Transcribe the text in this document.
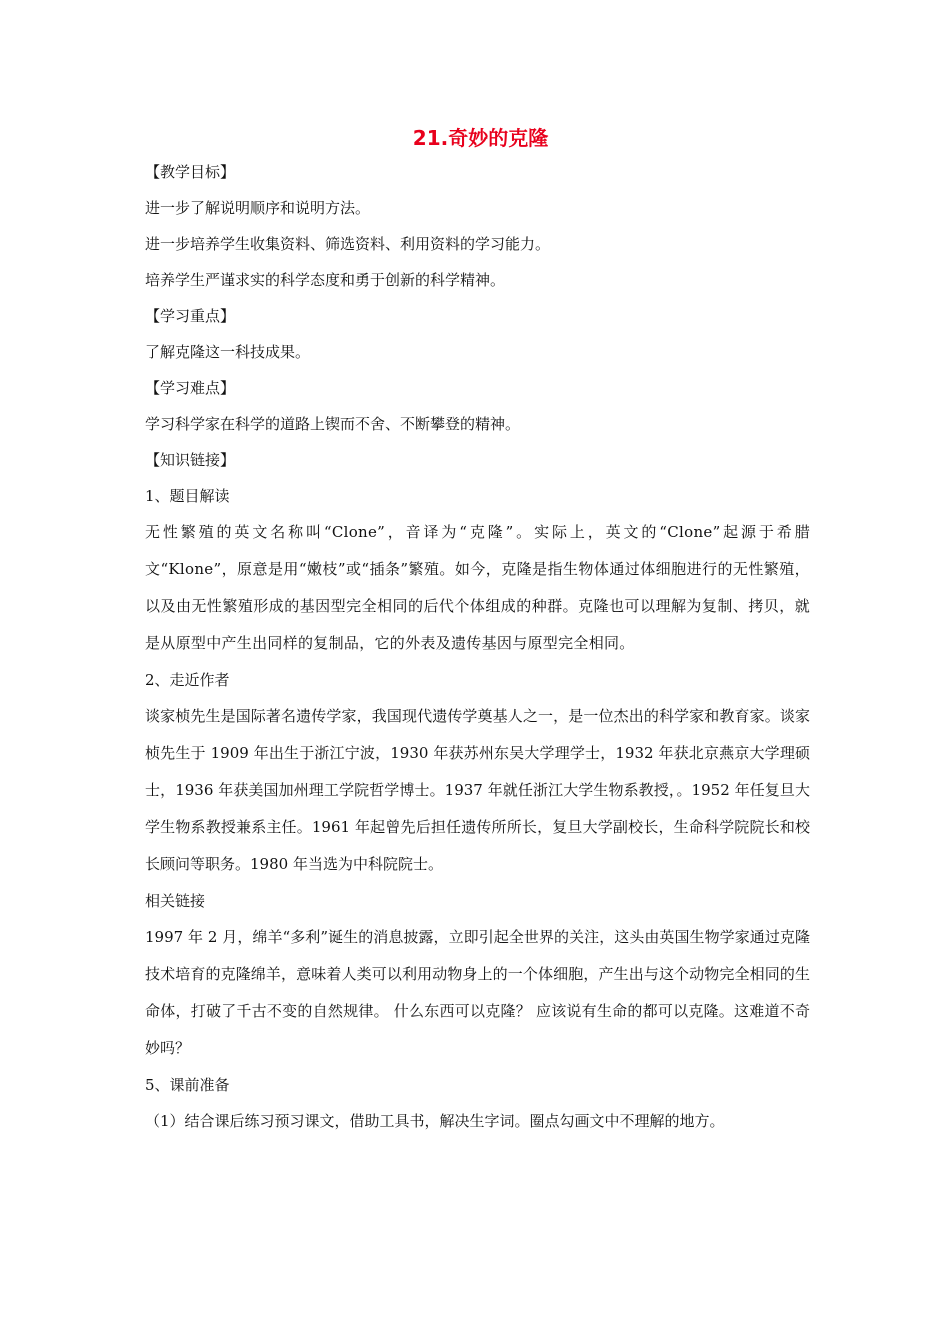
21.奇妙的克隆

【教学目标】

进一步了解说明顺序和说明方法。

进一步培养学生收集资料、筛选资料、利用资料的学习能力。

培养学生严谨求实的科学态度和勇于创新的科学精神。

【学习重点】

了解克隆这一科技成果。

【学习难点】

学习科学家在科学的道路上锲而不舍、不断攀登的精神。

【知识链接】

1、题目解读

无性繁殖的英文名称叫“Clone”，音译为“克隆”。实际上，英文的“Clone”起源于希腊文“Klone”，原意是用“嫩枝”或“插条”繁殖。如今，克隆是指生物体通过体细胞进行的无性繁殖，以及由无性繁殖形成的基因型完全相同的后代个体组成的种群。克隆也可以理解为复制、拷贝，就是从原型中产生出同样的复制品，它的外表及遗传基因与原型完全相同。

2、走近作者

谈家桢先生是国际著名遗传学家，我国现代遗传学奠基人之一，是一位杰出的科学家和教育家。谈家桢先生于 1909 年出生于浙江宁波，1930 年获苏州东吴大学理学士，1932 年获北京燕京大学理硕士，1936 年获美国加州理工学院哲学博士。1937 年就任浙江大学生物系教授，。1952 年任复旦大学生物系教授兼系主任。1961 年起曾先后担任遗传所所长，复旦大学副校长，生命科学院院长和校长顾问等职务。1980 年当选为中科院院士。

相关链接

1997 年 2 月，绵羊“多利”诞生的消息披露，立即引起全世界的关注，这头由英国生物学家通过克隆技术培育的克隆绵羊，意味着人类可以利用动物身上的一个体细胞，产生出与这个动物完全相同的生命体，打破了千古不变的自然规律。 什么东西可以克隆？ 应该说有生命的都可以克隆。这难道不奇妙吗？

5、课前准备

（1）结合课后练习预习课文，借助工具书，解决生字词。圈点勾画文中不理解的地方。
